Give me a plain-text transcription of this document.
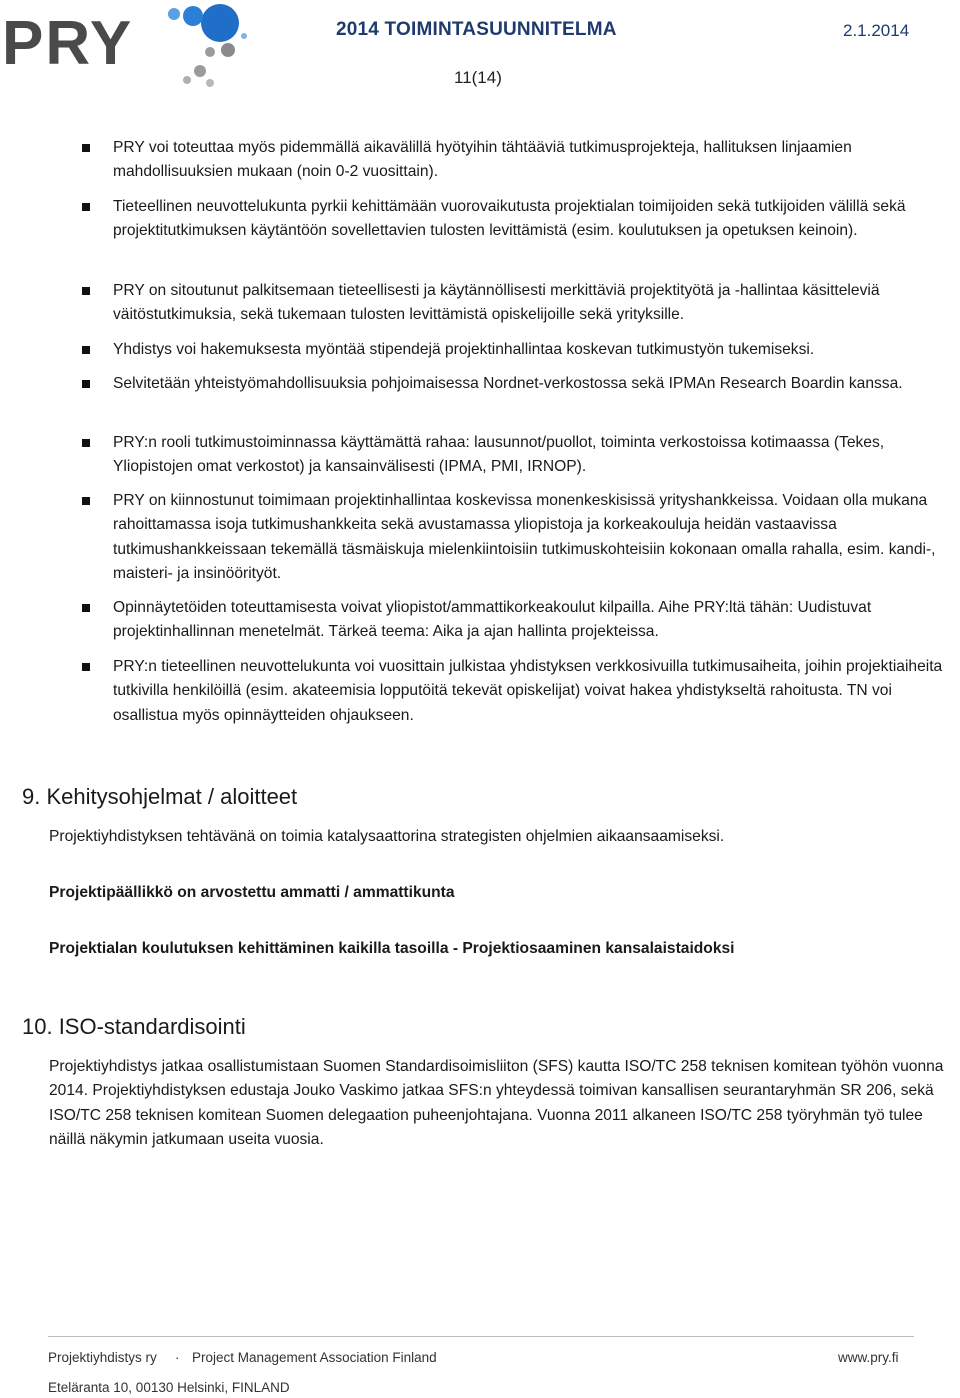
PRY	2014 TOIMINTASUUNNITELMA	2.1.2014
11(14)
PRY voi toteuttaa myös pidemmällä aikavälillä hyötyihin tähtääviä tutkimusprojekteja, hallituksen linjaamien mahdollisuuksien mukaan (noin 0-2 vuosittain).
Tieteellinen neuvottelukunta pyrkii kehittämään vuorovaikutusta projektialan toimijoiden sekä tutkijoiden välillä sekä projektitutkimuksen käytäntöön sovellettavien tulosten levittämistä (esim. koulutuksen ja opetuksen keinoin).
PRY on sitoutunut palkitsemaan tieteellisesti ja käytännöllisesti merkittäviä projektityötä ja -hallintaa käsitteleviä väitöstutkimuksia, sekä tukemaan tulosten levittämistä opiskelijoille sekä yrityksille.
Yhdistys voi hakemuksesta myöntää stipendejä projektinhallintaa koskevan tutkimustyön tukemiseksi.
Selvitetään yhteistyömahdollisuuksia pohjoimaisessa Nordnet-verkostossa sekä IPMAn Research Boardin kanssa.
PRY:n rooli tutkimustoiminnassa käyttämättä rahaa: lausunnot/puollot, toiminta verkostoissa kotimaassa (Tekes, Yliopistojen omat verkostot) ja kansainvälisesti (IPMA, PMI, IRNOP).
PRY on kiinnostunut toimimaan projektinhallintaa koskevissa monenkeskisissä yrityshankkeissa. Voidaan olla mukana rahoittamassa isoja tutkimushankkeita sekä avustamassa yliopistoja ja korkeakouluja heidän vastaavissa tutkimushankkeissaan tekemällä täsmäiskuja mielenkiintoisiin tutkimuskohteisiin kokonaan omalla rahalla, esim. kandi-, maisteri- ja insinöörityöt.
Opinnäytetöiden toteuttamisesta voivat yliopistot/ammattikorkeakoulut kilpailla. Aihe PRY:ltä tähän: Uudistuvat projektinhallinnan menetelmät. Tärkeä teema: Aika ja ajan hallinta projekteissa.
PRY:n tieteellinen neuvottelukunta voi vuosittain julkistaa yhdistyksen verkkosivuilla tutkimusaiheita, joihin projektiaiheita tutkivilla henkilöillä (esim. akateemisia lopputöitä tekevät opiskelijat) voivat hakea yhdistykseltä rahoitusta. TN voi osallistua myös opinnäytteiden ohjaukseen.
9. Kehitysohjelmat / aloitteet
Projektiyhdistyksen tehtävänä on toimia katalysaattorina strategisten ohjelmien aikaansaamiseksi.
Projektipäällikkö on arvostettu ammatti / ammattikunta
Projektialan koulutuksen kehittäminen kaikilla tasoilla - Projektiosaaminen kansalaistaidoksi
10. ISO-standardisointi
Projektiyhdistys jatkaa osallistumistaan Suomen Standardisoimisliiton (SFS) kautta ISO/TC 258 teknisen komitean työhön vuonna 2014. Projektiyhdistyksen edustaja Jouko Vaskimo jatkaa SFS:n yhteydessä toimivan kansallisen seurantaryhmän SR 206, sekä ISO/TC 258 teknisen komitean Suomen delegaation puheenjohtajana. Vuonna 2011 alkaneen ISO/TC 258 työryhmän työ tulee näillä näkymin jatkumaan useita vuosia.
Projektiyhdistys ry · Project Management Association Finland	www.pry.fi
Eteläranta 10, 00130 Helsinki, FINLAND
